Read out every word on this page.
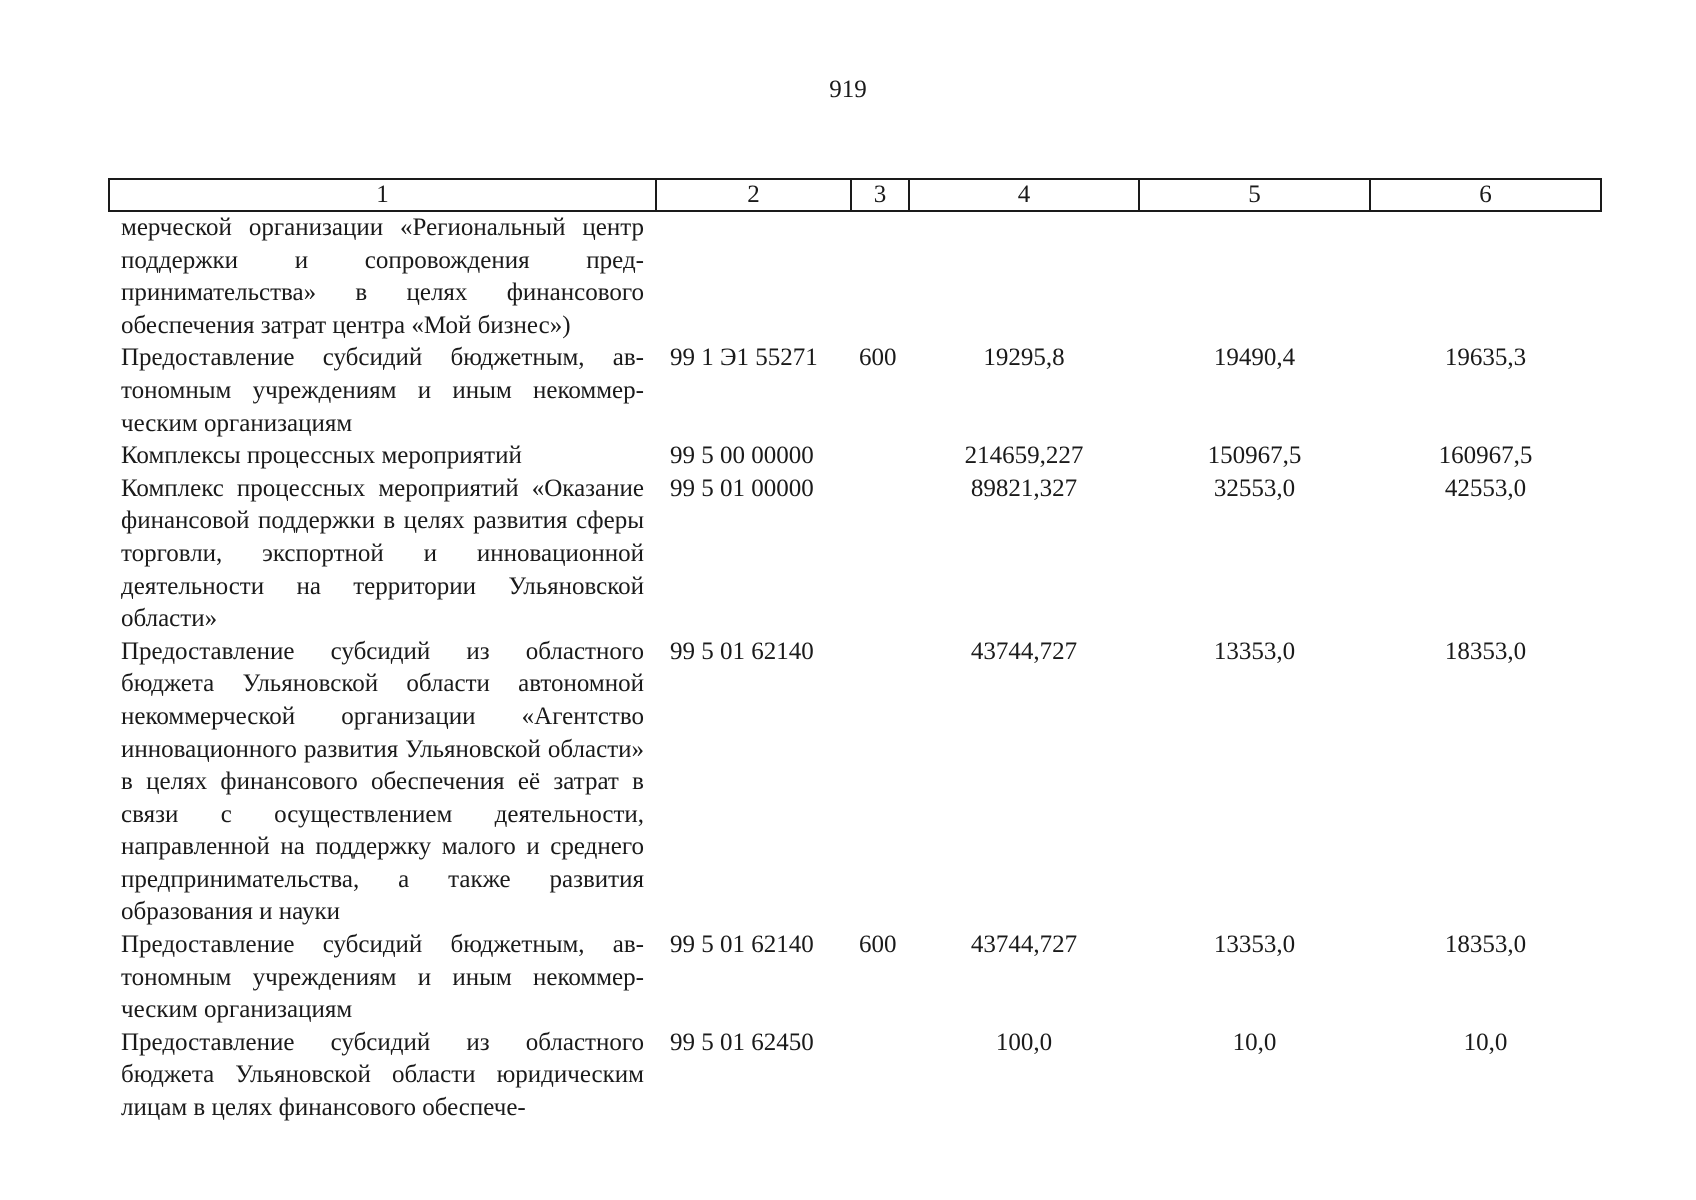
919
1	2	3	4	5	6
мерческой организации «Региональный центр поддержки и сопровождения предпринимательства» в целях финансового обеспечения затрат центра «Мой бизнес»)					
Предоставление субсидий бюджетным, автономным учреждениям и иным некоммерческим организациям	99 1 Э1 55271	600	19295,8	19490,4	19635,3
Комплексы процессных мероприятий	99 5 00 00000		214659,227	150967,5	160967,5
Комплекс процессных мероприятий «Оказание финансовой поддержки в целях развития сферы торговли, экспортной и инновационной деятельности на территории Ульяновской области»	99 5 01 00000		89821,327	32553,0	42553,0
Предоставление субсидий из областного бюджета Ульяновской области автономной некоммерческой организации «Агентство инновационного развития Ульяновской области» в целях финансового обеспечения её затрат в связи с осуществлением деятельности, направленной на поддержку малого и среднего предпринимательства, а также развития образования и науки	99 5 01 62140		43744,727	13353,0	18353,0
Предоставление субсидий бюджетным, автономным учреждениям и иным некоммерческим организациям	99 5 01 62140	600	43744,727	13353,0	18353,0
Предоставление субсидий из областного бюджета Ульяновской области юридическим лицам в целях финансового обеспече-	99 5 01 62450		100,0	10,0	10,0
